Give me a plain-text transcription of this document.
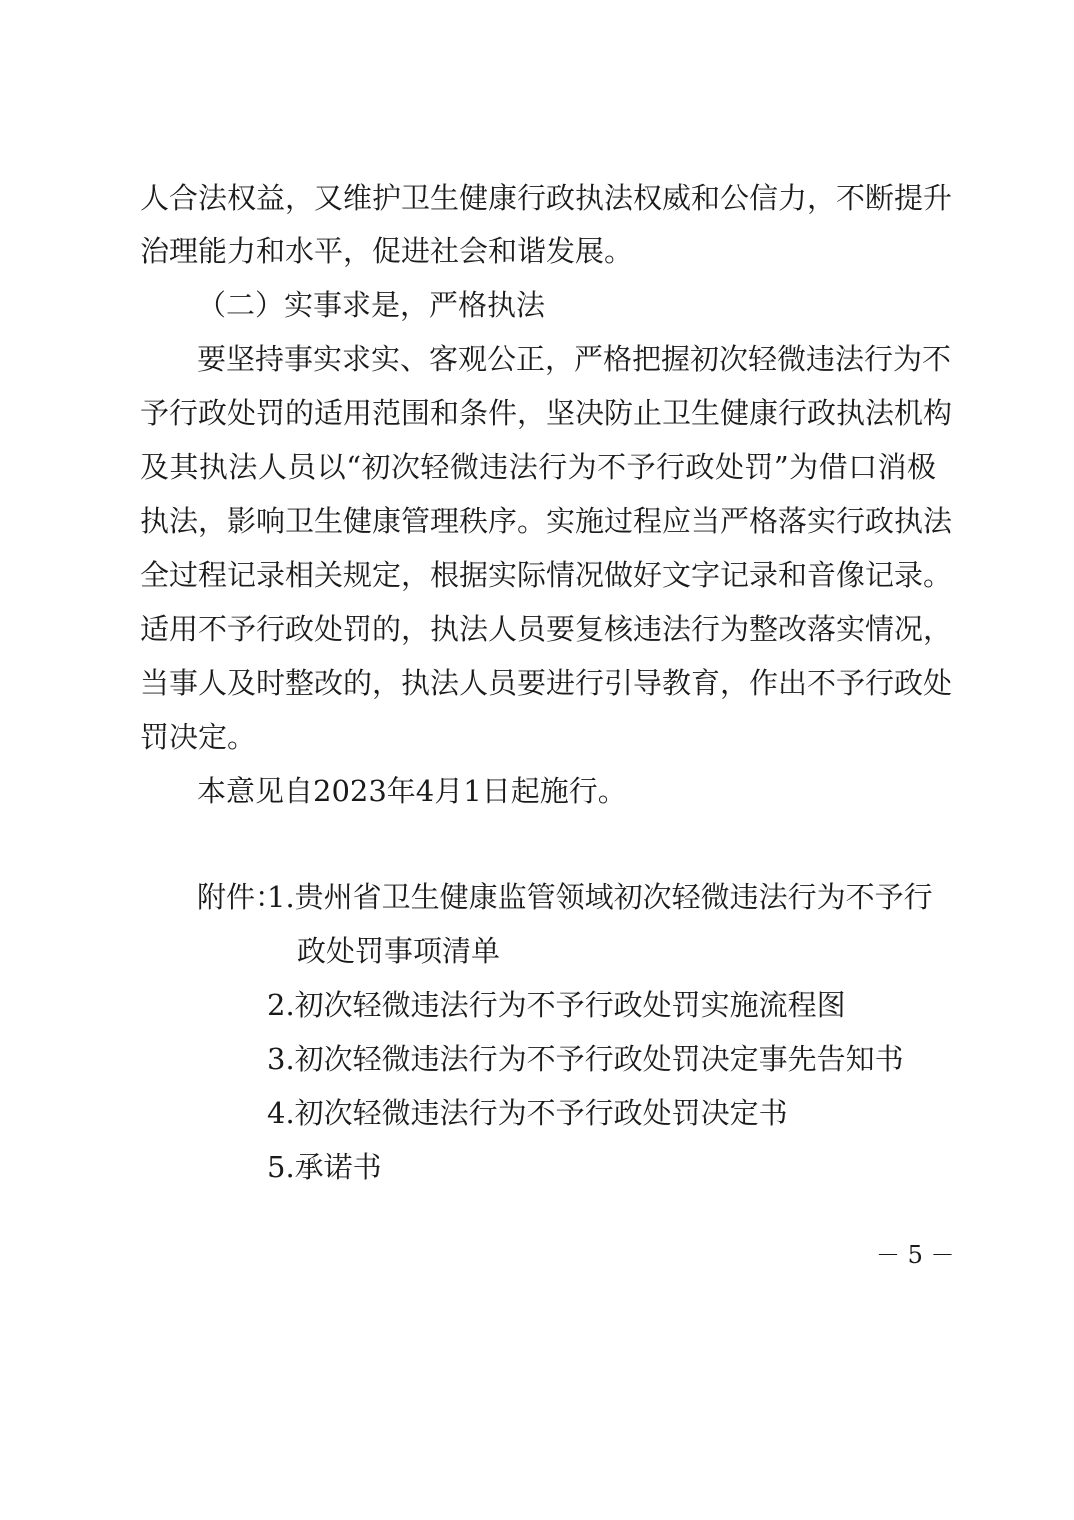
人合法权益，又维护卫生健康行政执法权威和公信力，不断提升
治理能力和水平，促进社会和谐发展。
（二）实事求是，严格执法
要坚持事实求实、客观公正，严格把握初次轻微违法行为不
予行政处罚的适用范围和条件，坚决防止卫生健康行政执法机构
及其执法人员以“初次轻微违法行为不予行政处罚”为借口消极
执法，影响卫生健康管理秩序。实施过程应当严格落实行政执法
全过程记录相关规定，根据实际情况做好文字记录和音像记录。
适用不予行政处罚的，执法人员要复核违法行为整改落实情况，
当事人及时整改的，执法人员要进行引导教育，作出不予行政处
罚决定。
本意见自2023年4月1日起施行。
附件：
1.贵州省卫生健康监管领域初次轻微违法行为不予行
政处罚事项清单
2.初次轻微违法行为不予行政处罚实施流程图
3.初次轻微违法行为不予行政处罚决定事先告知书
4.初次轻微违法行为不予行政处罚决定书
5.承诺书
－ 5 －
